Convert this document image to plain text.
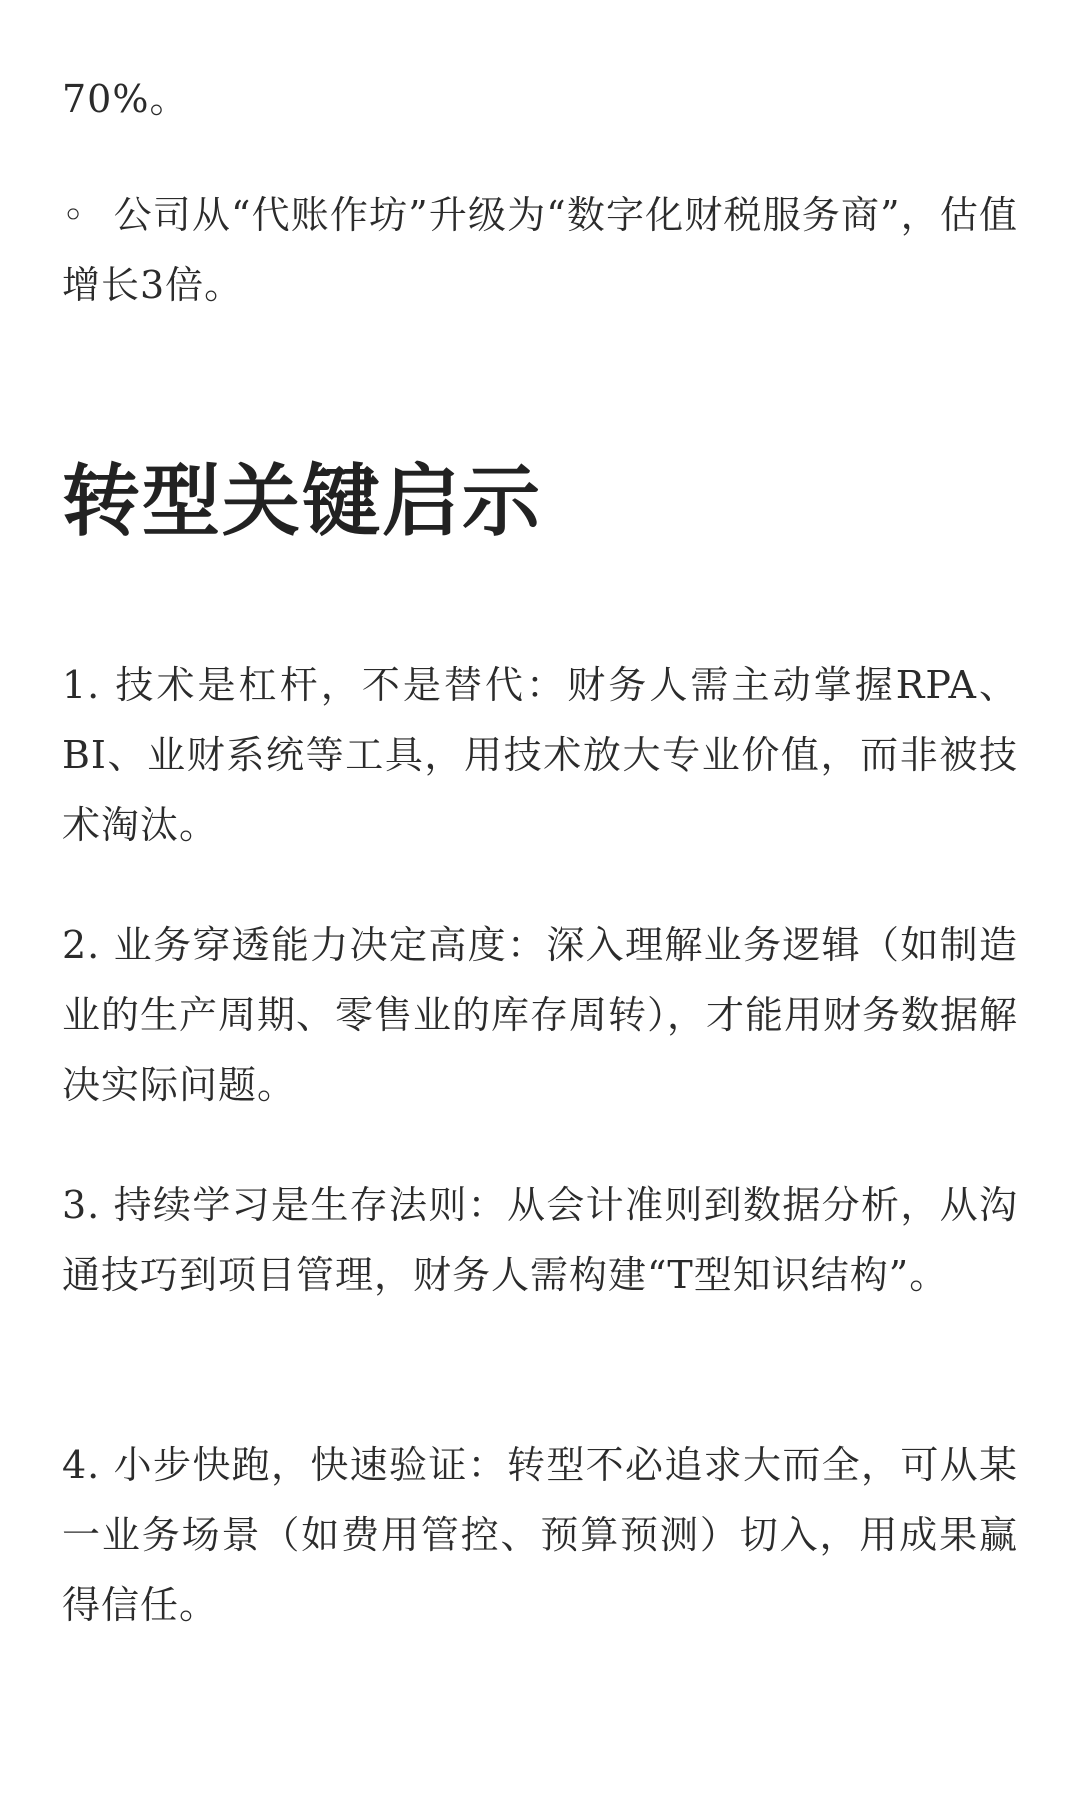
70%。

◦ 公司从“代账作坊”升级为“数字化财税服务商”，估值增长3倍。

转型关键启示

1. 技术是杠杆，不是替代：财务人需主动掌握RPA、BI、业财系统等工具，用技术放大专业价值，而非被技术淘汰。

2. 业务穿透能力决定高度：深入理解业务逻辑（如制造业的生产周期、零售业的库存周转），才能用财务数据解决实际问题。

3. 持续学习是生存法则：从会计准则到数据分析，从沟通技巧到项目管理，财务人需构建“T型知识结构”。

4. 小步快跑，快速验证：转型不必追求大而全，可从某一业务场景（如费用管控、预算预测）切入，用成果赢得信任。
